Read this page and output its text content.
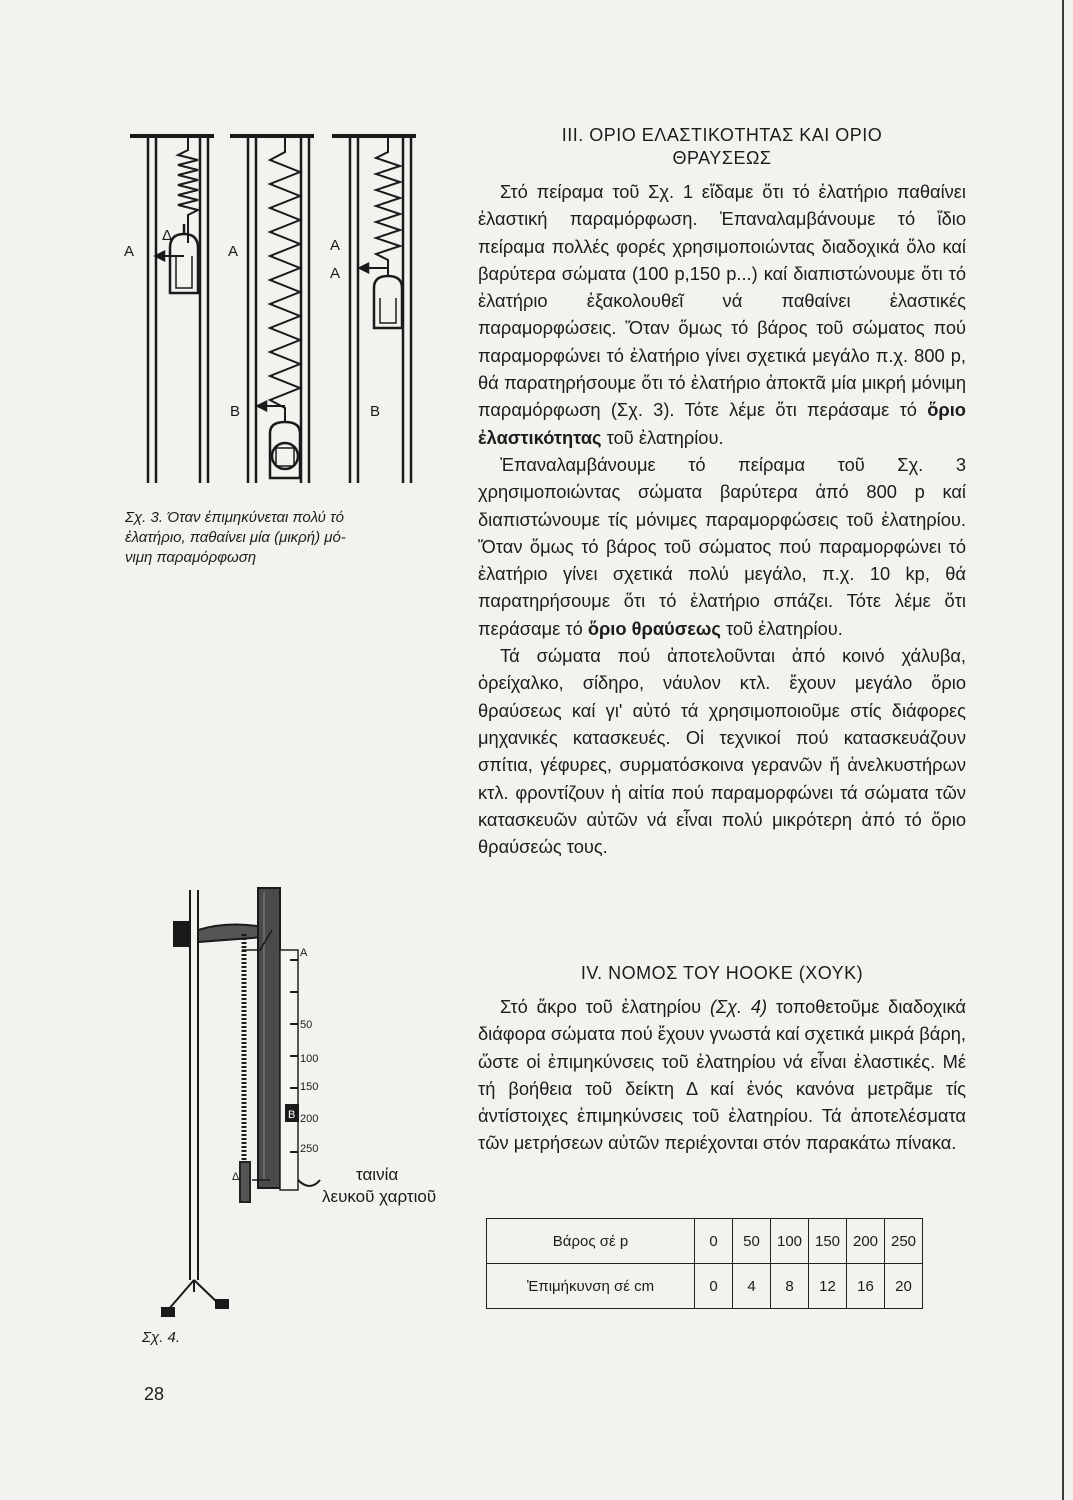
A
Δ
A	A
A
B	B
Σχ. 3. Όταν ἐπιμηκύνεται πολύ τό
ἐλατήριο, παθαίνει μία (μικρή) μό-
νιμη παραμόρφωση
A
50
100
150
200
250
B
Δ	ταινία
λευκοῦ χαρτιοῦ
Σχ. 4.

ΙΙΙ. ΟΡΙΟ ΕΛΑΣΤΙΚΟΤΗΤΑΣ ΚΑΙ ΟΡΙΟ

ΘΡΑΥΣΕΩΣ

Στό πείραμα τοῦ Σχ. 1 εἴδαμε ὅτι τό ἐλατήριο παθαίνει ἐλαστική παραμόρφωση. Ἐπαναλαμβάνουμε τό ἴδιο πείραμα πολλές φορές χρησιμοποιώντας διαδοχικά ὅλο καί βαρύτερα σώματα (100 p,150 p...) καί διαπιστώνουμε ὅτι τό ἐλατήριο ἐξακολουθεῖ νά παθαίνει ἐλαστικές παραμορφώσεις. Ὅταν ὅμως τό βάρος τοῦ σώματος πού παραμορφώνει τό ἐλατήριο γίνει σχετικά μεγάλο π.χ. 800 p, θά παρατηρήσουμε ὅτι τό ἐλατήριο ἀποκτᾶ μία μικρή μόνιμη παραμόρφωση (Σχ. 3). Τότε λέμε ὅτι περάσαμε τό ὅριο ἐλαστικότητας τοῦ ἐλατηρίου.

Ἐπαναλαμβάνουμε τό πείραμα τοῦ Σχ. 3 χρησιμοποιώντας σώματα βαρύτερα ἀπό 800 p καί διαπιστώνουμε τίς μόνιμες παραμορφώσεις τοῦ ἐλατηρίου. Ὅταν ὅμως τό βάρος τοῦ σώματος πού παραμορφώνει τό ἐλατήριο γίνει σχετικά πολύ μεγάλο, π.χ. 10 kp, θά παρατηρήσουμε ὅτι τό ἐλατήριο σπάζει. Τότε λέμε ὅτι περάσαμε τό ὅριο θραύσεως τοῦ ἐλατηρίου.

Τά σώματα πού ἀποτελοῦνται ἀπό κοινό χάλυβα, ὀρείχαλκο, σίδηρο, νάυλον κτλ. ἔχουν μεγάλο ὅριο θραύσεως καί γι' αὐτό τά χρησιμοποιοῦμε στίς διάφορες μηχανικές κατασκευές. Οἱ τεχνικοί πού κατασκευάζουν σπίτια, γέφυρες, συρματόσκοινα γερανῶν ἤ ἀνελκυστήρων κτλ. φροντίζουν ἡ αἰτία πού παραμορφώνει τά σώματα τῶν κατασκευῶν αὐτῶν νά εἶναι πολύ μικρότερη ἀπό τό ὅριο θραύσεώς τους.

IV. ΝΟΜΟΣ ΤΟΥ HOOKE (ΧΟΥΚ)

Στό ἄκρο τοῦ ἐλατηρίου (Σχ. 4) τοποθετοῦμε διαδοχικά διάφορα σώματα πού ἔχουν γνωστά καί σχετικά μικρά βάρη, ὥστε οἱ ἐπιμηκύνσεις τοῦ ἐλατηρίου νά εἶναι ἐλαστικές. Μέ τή βοήθεια τοῦ δείκτη Δ καί ἑνός κανόνα μετρᾶμε τίς ἀντίστοιχες ἐπιμηκύνσεις τοῦ ἐλατηρίου. Τά ἀποτελέσματα τῶν μετρήσεων αὐτῶν περιέχονται στόν παρακάτω πίνακα.

Βάρος σέ p	0	50	100	150	200	250
Ἐπιμήκυνση σέ cm	0	4	8	12	16	20
28
